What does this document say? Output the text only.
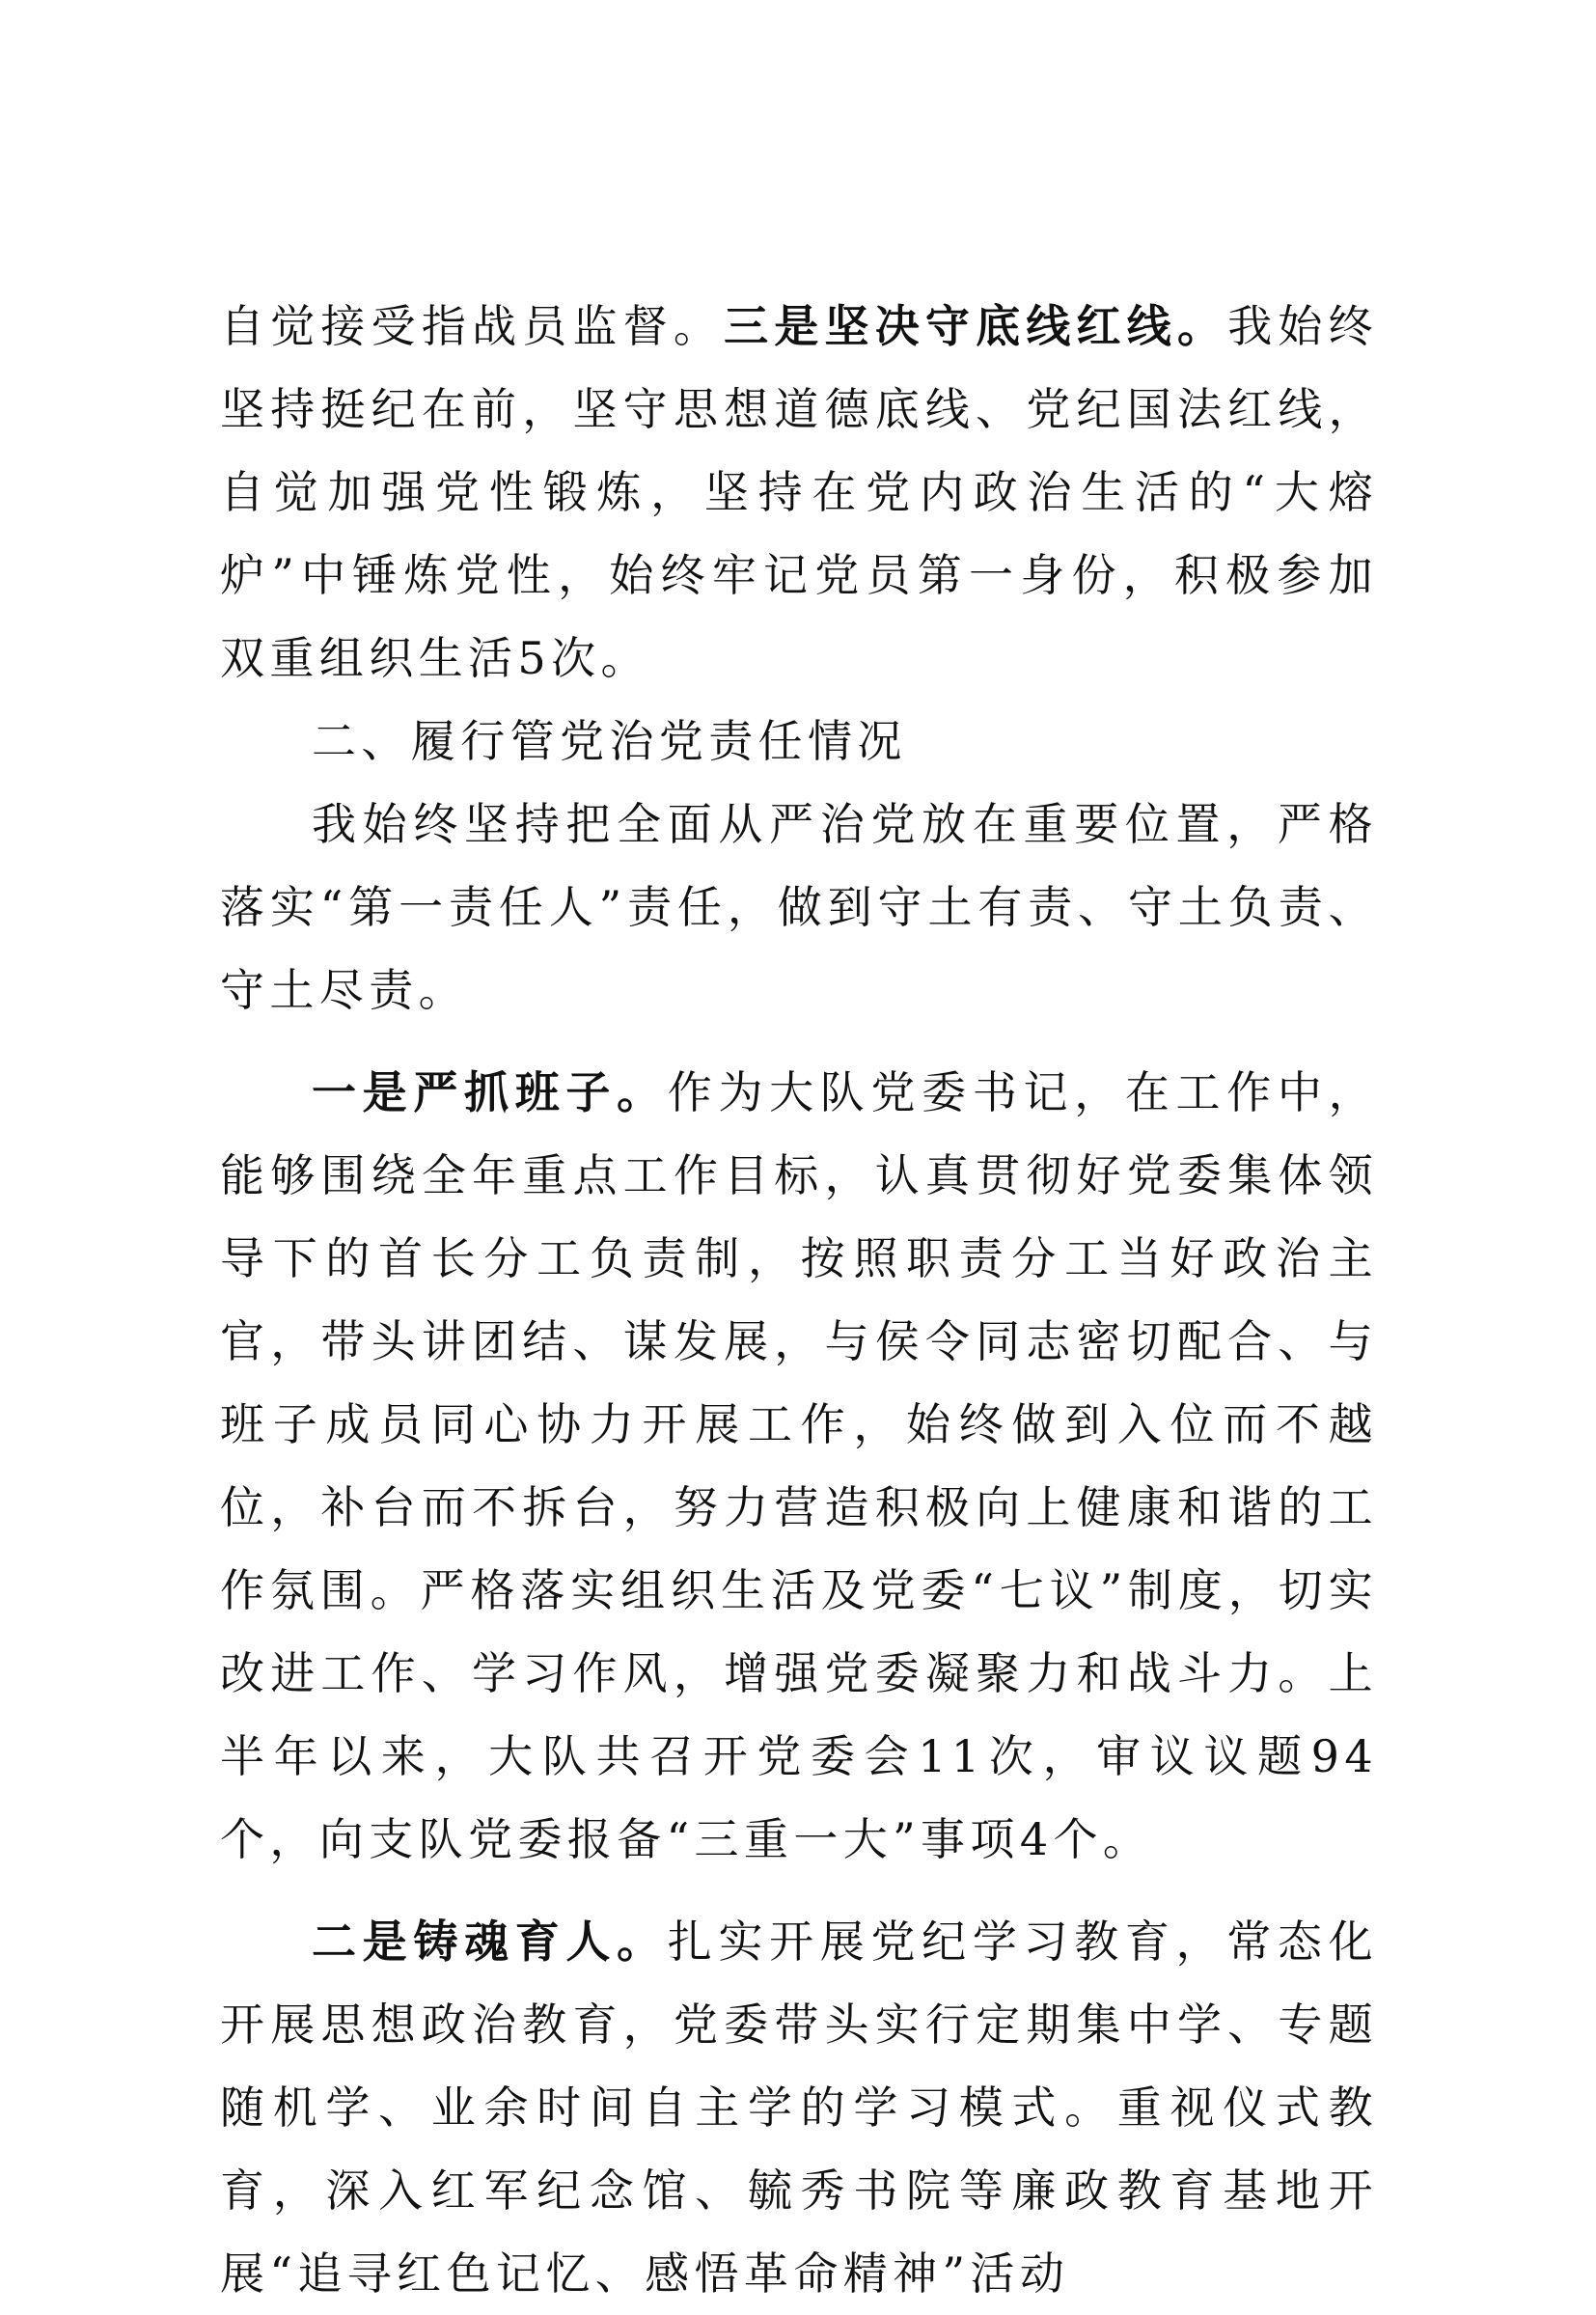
自觉接受指战员监督。三是坚决守底线红线。我始终坚持挺纪在前，坚守思想道德底线、党纪国法红线，自觉加强党性锻炼，坚持在党内政治生活的“大熔炉”中锤炼党性，始终牢记党员第一身份，积极参加双重组织生活5次。

二、履行管党治党责任情况

我始终坚持把全面从严治党放在重要位置，严格落实“第一责任人”责任，做到守土有责、守土负责、守土尽责。

一是严抓班子。作为大队党委书记，在工作中，能够围绕全年重点工作目标，认真贯彻好党委集体领导下的首长分工负责制，按照职责分工当好政治主官，带头讲团结、谋发展，与侯令同志密切配合、与班子成员同心协力开展工作，始终做到入位而不越位，补台而不拆台，努力营造积极向上健康和谐的工作氛围。严格落实组织生活及党委“七议”制度，切实改进工作、学习作风，增强党委凝聚力和战斗力。上半年以来，大队共召开党委会11次，审议议题94个，向支队党委报备“三重一大”事项4个。

二是铸魂育人。扎实开展党纪学习教育，常态化开展思想政治教育，党委带头实行定期集中学、专题随机学、业余时间自主学的学习模式。重视仪式教育，深入红军纪念馆、毓秀书院等廉政教育基地开展“追寻红色记忆、感悟革命精神”活动
